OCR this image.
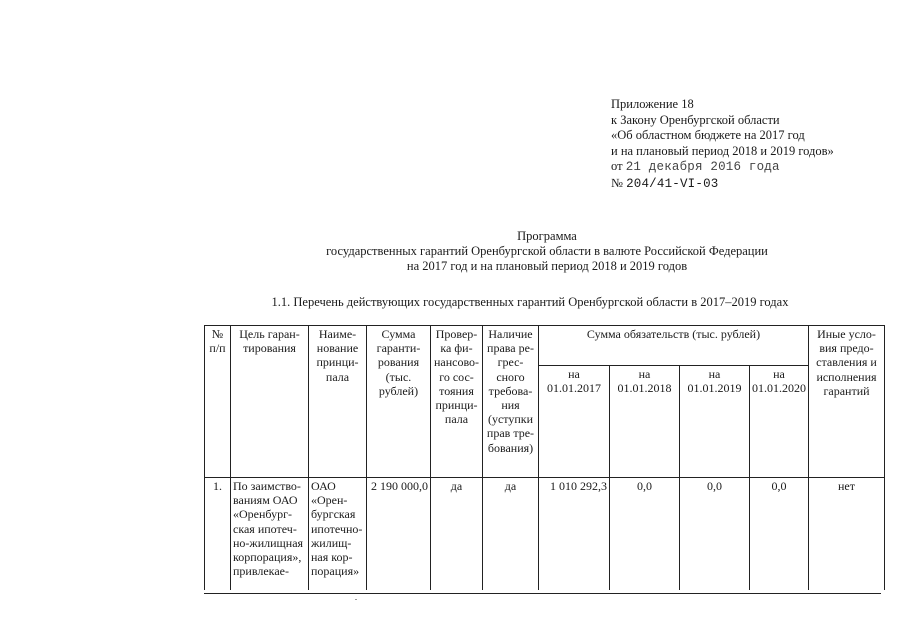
Приложение 18
к Закону Оренбургской области
«Об областном бюджете на 2017 год
и на плановый период 2018 и 2019 годов»
от 21 декабря 2016 года
№ 204/41-VI-03
Программа
государственных гарантий Оренбургской области в валюте Российской Федерации
на 2017 год и на плановый период 2018 и 2019 годов
1.1. Перечень действующих государственных гарантий Оренбургской области в 2017–2019 годах
№ п/п	Цель гаран-тирования	Наиме-нование принци-пала	Сумма гаранти-рования (тыс. рублей)	Провер-ка фи-нансово-го сос-тояния принци-пала	Наличие права ре-грес-сного требова-ния (уступки прав тре-бования)	Сумма обязательств (тыс. рублей)				Иные усло-вия предо-ставления и исполнения гарантий
						на 01.01.2017	на 01.01.2018	на 01.01.2019	на 01.01.2020	
1.	По заимство-ваниям ОАО «Оренбург-ская ипотеч-но-жилищная корпорация», привлекае-	ОАО «Орен-бургская ипотечно-жилищ-ная кор-порация»	2 190 000,0	да	да	1 010 292,3	0,0	0,0	0,0	нет
